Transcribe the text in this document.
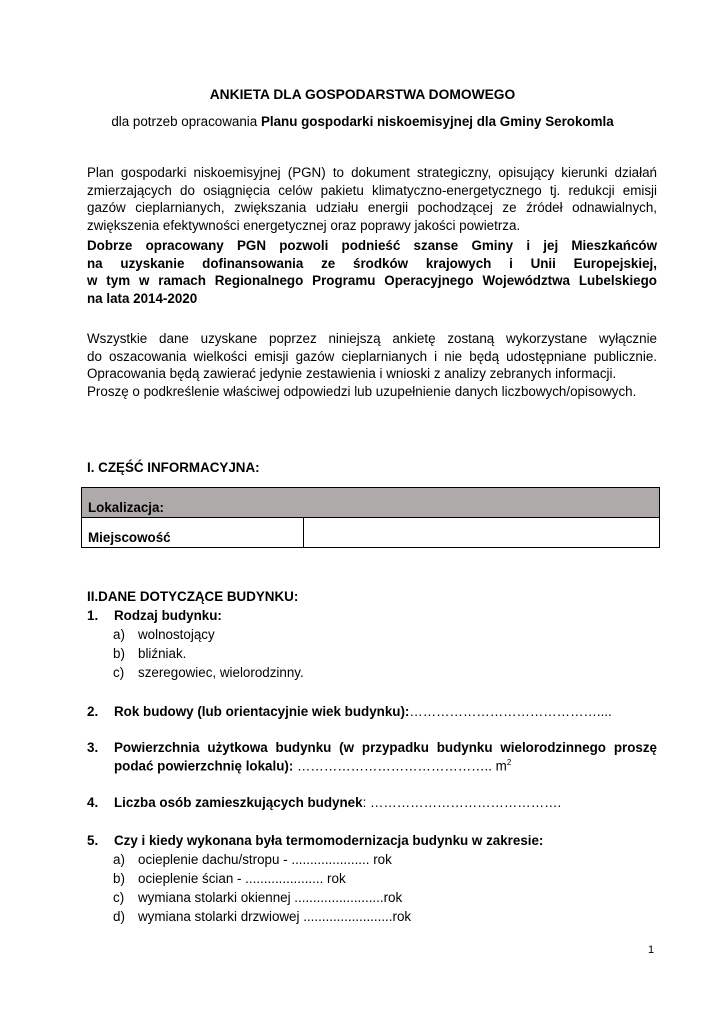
ANKIETA DLA GOSPODARSTWA DOMOWEGO
dla potrzeb opracowania Planu gospodarki niskoemisyjnej dla Gminy Serokomla
Plan gospodarki niskoemisyjnej (PGN) to dokument strategiczny, opisujący kierunki działań
zmierzających do osiągnięcia celów pakietu klimatyczno-energetycznego tj. redukcji emisji
gazów cieplarnianych, zwiększania udziału energii pochodzącej ze źródeł odnawialnych,
zwiększenia efektywności energetycznej oraz poprawy jakości powietrza.
Dobrze opracowany PGN pozwoli podnieść szanse Gminy i jej Mieszkańców
na uzyskanie dofinansowania ze środków krajowych i Unii Europejskiej,
w tym w ramach Regionalnego Programu Operacyjnego Województwa Lubelskiego
na lata 2014-2020
Wszystkie dane uzyskane poprzez niniejszą ankietę zostaną wykorzystane wyłącznie
do oszacowania wielkości emisji gazów cieplarnianych i nie będą udostępniane publicznie.
Opracowania będą zawierać jedynie zestawienia i wnioski z analizy zebranych informacji.
Proszę o podkreślenie właściwej odpowiedzi lub uzupełnienie danych liczbowych/opisowych.
I. CZĘŚĆ INFORMACYJNA:
Lokalizacja:
Miejscowość	
II.DANE DOTYCZĄCE BUDYNKU:
1. Rodzaj budynku:
a) wolnostojący
b) bliźniak.
c) szeregowiec, wielorodzinny.
2. Rok budowy (lub orientacyjnie wiek budynku):……………………………………....
3. Powierzchnia użytkowa budynku (w przypadku budynku wielorodzinnego proszę
podać powierzchnię lokalu): …………………………………….. $m^2$
4. Liczba osób zamieszkujących budynek: …………………………………….
5. Czy i kiedy wykonana była termomodernizacja budynku w zakresie:
a) ocieplenie dachu/stropu - ..................... rok
b) ocieplenie ścian - ..................... rok
c) wymiana stolarki okiennej ........................rok
d) wymiana stolarki drzwiowej ........................rok
1
